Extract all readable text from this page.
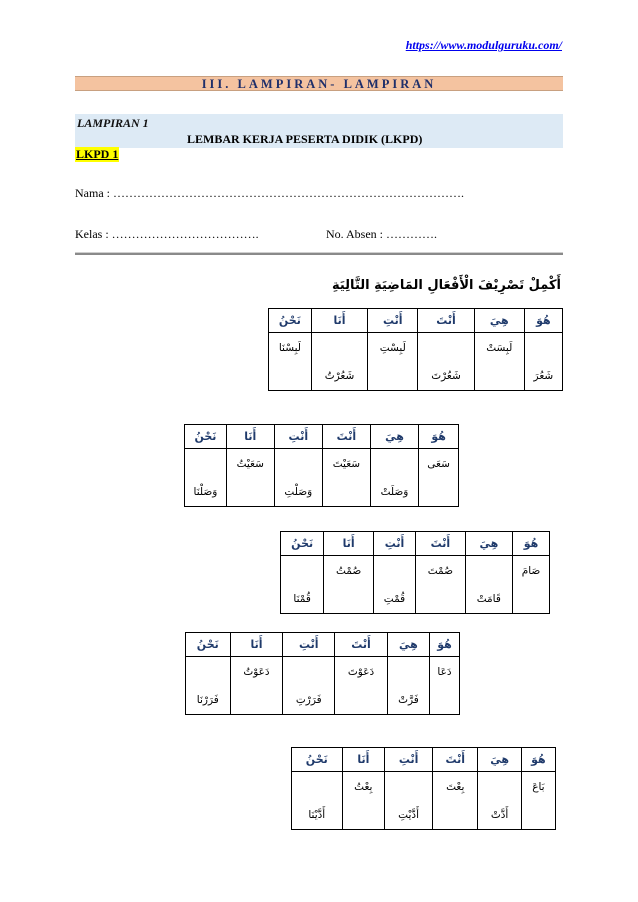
https://www.modulguruku.com/
III. LAMPIRAN- LAMPIRAN
LAMPIRAN 1
LEMBAR KERJA PESERTA DIDIK (LKPD)
LKPD 1
Nama : …………………………………………………………………………….
Kelas : ……………………………….	No. Absen : ………….
أَكْمِلْ تَصْرِيْفَ الْأَفْعَالِ المَاضِيَةِ التَّالِيَةِ
هُوَ	هِيَ	أَنْتَ	أَنْتِ	أَنَا	نَحْنُ
	لَبِسَتْ		لَبِسْتِ		لَبِسْنَا
شَعُرَ		شَعُرْتَ		شَعُرْتُ	
هُوَ	هِيَ	أَنْتَ	أَنْتِ	أَنَا	نَحْنُ
سَعَى		سَعَيْتَ		سَعَيْتُ	
	وَصَلَتْ		وَصَلْتِ		وَصَلْنَا
هُوَ	هِيَ	أَنْتَ	أَنْتِ	أَنَا	نَحْنُ
صَامَ		صُمْتَ		صُمْتُ	
	قَامَتْ		قُمْتِ		قُمْنَا
هُوَ	هِيَ	أَنْتَ	أَنْتِ	أَنَا	نَحْنُ
دَعَا		دَعَوْتَ		دَعَوْتُ	
	فَرَّتْ		فَرَرْتِ		فَرَرْنَا
هُوَ	هِيَ	أَنْتَ	أَنْتِ	أَنَا	نَحْنُ
بَاعَ		بِعْتَ		بِعْتُ	
	أَدَّتْ		أَدَّيْتِ		أَدَّيْنَا
